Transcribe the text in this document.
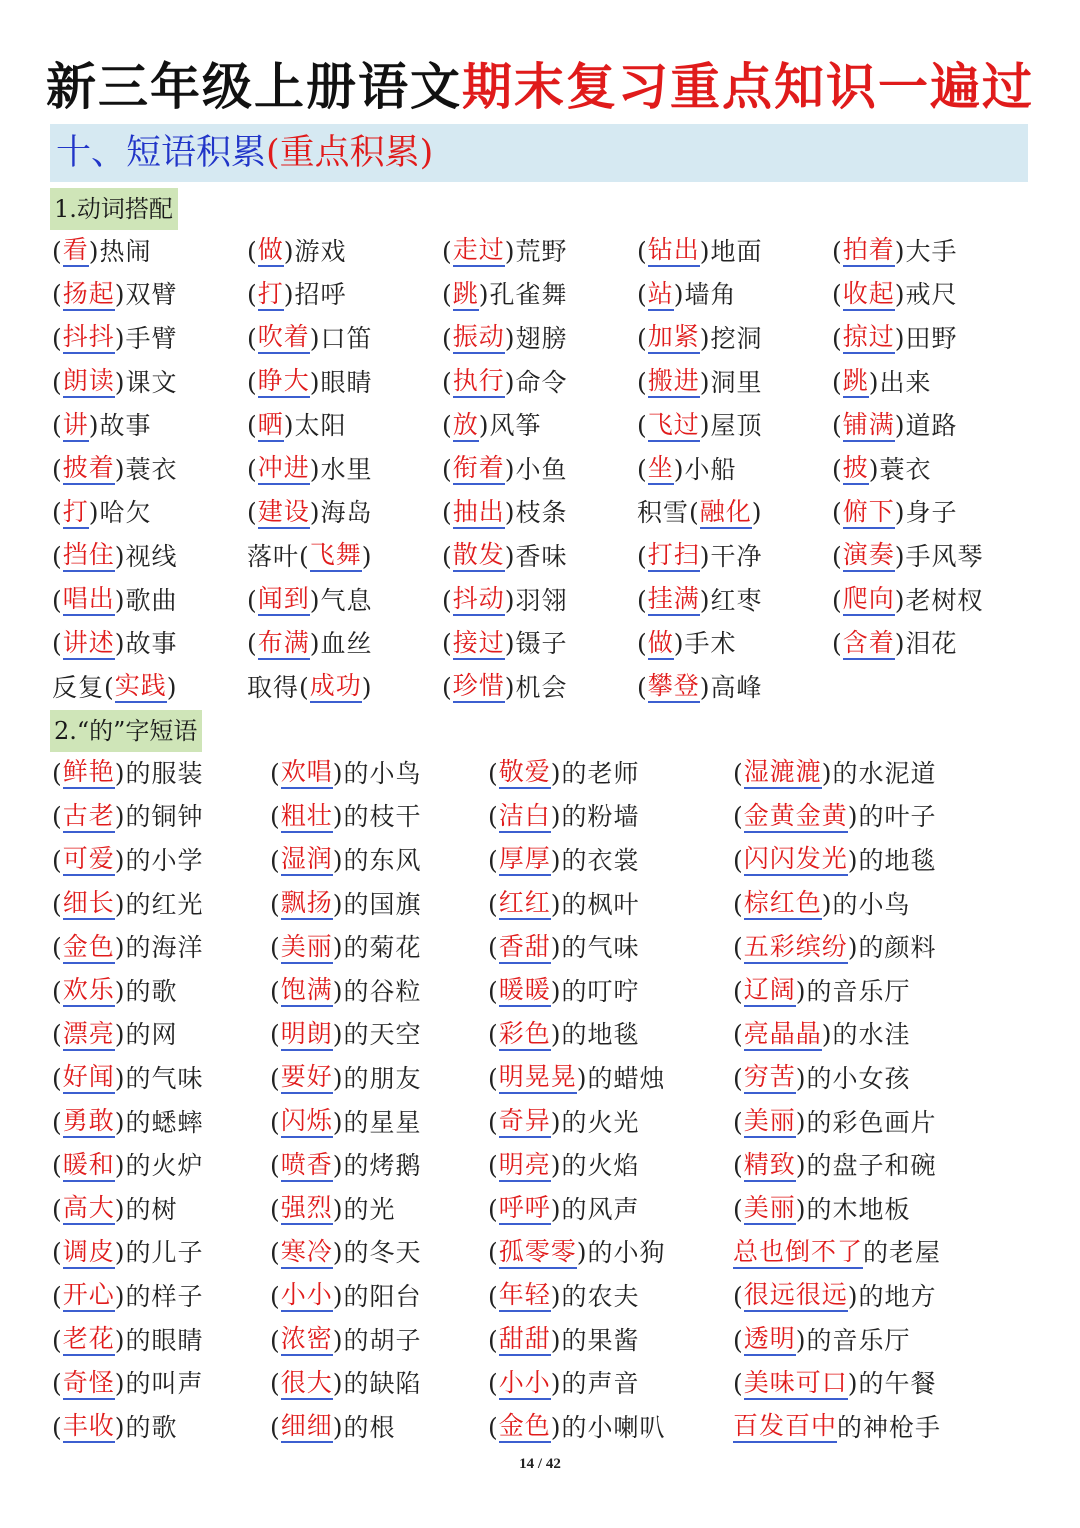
新三年级上册语文期末复习重点知识一遍过
十、短语积累(重点积累)
1.动词搭配
( 看 ) 热闹	( 做 ) 游戏	( 走过 ) 荒野	( 钻出 ) 地面	( 拍着 ) 大手
( 扬起 ) 双臂	( 打 ) 招呼	( 跳 ) 孔雀舞	( 站 ) 墙角	( 收起 ) 戒尺
( 抖抖 ) 手臂	( 吹着 ) 口笛	( 振动 ) 翅膀	( 加紧 ) 挖洞	( 掠过 ) 田野
( 朗读 ) 课文	( 睁大 ) 眼睛	( 执行 ) 命令	( 搬进 ) 洞里	( 跳 ) 出来
( 讲 ) 故事	( 晒 ) 太阳	( 放 ) 风筝	( 飞过 ) 屋顶	( 铺满 ) 道路
( 披着 ) 蓑衣	( 冲进 ) 水里	( 衔着 ) 小鱼	( 坐 ) 小船	( 披 ) 蓑衣
( 打 ) 哈欠	( 建设 ) 海岛	( 抽出 ) 枝条	积雪 ( 融化 )	( 俯下 ) 身子
( 挡住 ) 视线	落叶 ( 飞舞 )	( 散发 ) 香味	( 打扫 ) 干净	( 演奏 ) 手风琴
( 唱出 ) 歌曲	( 闻到 ) 气息	( 抖动 ) 羽翎	( 挂满 ) 红枣	( 爬向 ) 老树杈
( 讲述 ) 故事	( 布满 ) 血丝	( 接过 ) 镊子	( 做 ) 手术	( 含着 ) 泪花
反复 ( 实践 )	取得 ( 成功 )	( 珍惜 ) 机会	( 攀登 ) 高峰
2.“的”字短语
( 鲜艳 ) 的服装	( 欢唱 ) 的小鸟	( 敬爱 ) 的老师	( 湿漉漉 ) 的水泥道
( 古老 ) 的铜钟	( 粗壮 ) 的枝干	( 洁白 ) 的粉墙	( 金黄金黄 ) 的叶子
( 可爱 ) 的小学	( 湿润 ) 的东风	( 厚厚 ) 的衣裳	( 闪闪发光 ) 的地毯
( 细长 ) 的红光	( 飘扬 ) 的国旗	( 红红 ) 的枫叶	( 棕红色 ) 的小鸟
( 金色 ) 的海洋	( 美丽 ) 的菊花	( 香甜 ) 的气味	( 五彩缤纷 ) 的颜料
( 欢乐 ) 的歌	( 饱满 ) 的谷粒	( 暖暖 ) 的叮咛	( 辽阔 ) 的音乐厅
( 漂亮 ) 的网	( 明朗 ) 的天空	( 彩色 ) 的地毯	( 亮晶晶 ) 的水洼
( 好闻 ) 的气味	( 要好 ) 的朋友	( 明晃晃 ) 的蜡烛	( 穷苦 ) 的小女孩
( 勇敢 ) 的蟋蟀	( 闪烁 ) 的星星	( 奇异 ) 的火光	( 美丽 ) 的彩色画片
( 暖和 ) 的火炉	( 喷香 ) 的烤鹅	( 明亮 ) 的火焰	( 精致 ) 的盘子和碗
( 高大 ) 的树	( 强烈 ) 的光	( 呼呼 ) 的风声	( 美丽 ) 的木地板
( 调皮 ) 的儿子	( 寒冷 ) 的冬天	( 孤零零 ) 的小狗	总也倒不了 的老屋
( 开心 ) 的样子	( 小小 ) 的阳台	( 年轻 ) 的农夫	( 很远很远 ) 的地方
( 老花 ) 的眼睛	( 浓密 ) 的胡子	( 甜甜 ) 的果酱	( 透明 ) 的音乐厅
( 奇怪 ) 的叫声	( 很大 ) 的缺陷	( 小小 ) 的声音	( 美味可口 ) 的午餐
( 丰收 ) 的歌	( 细细 ) 的根	( 金色 ) 的小喇叭	百发百中 的神枪手
14 / 42
